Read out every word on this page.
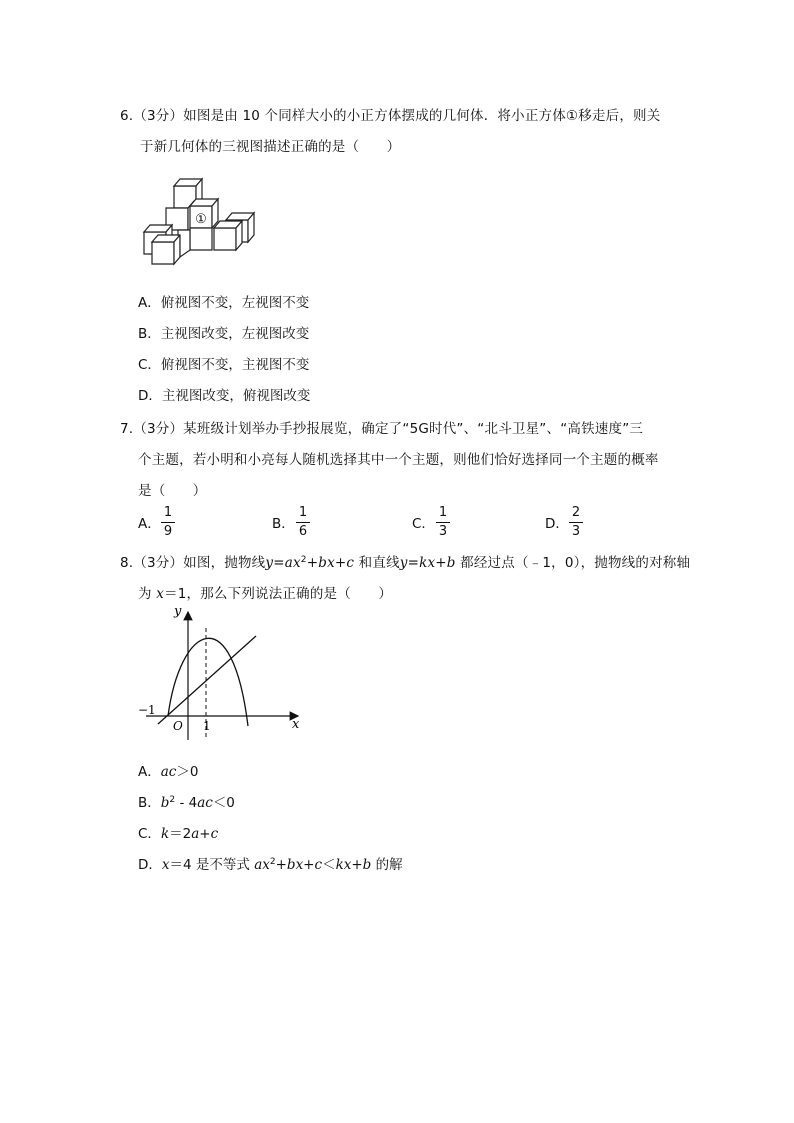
6.（3分）如图是由 10 个同样大小的小正方体摆成的几何体．将小正方体①移走后，则关
于新几何体的三视图描述正确的是（　　）
①
A．俯视图不变，左视图不变
B．主视图改变，左视图改变
C．俯视图不变，主视图不变
D．主视图改变，俯视图改变
7.（3分）某班级计划举办手抄报展览，确定了“5G时代”、“北斗卫星”、“高铁速度”三
个主题，若小明和小亮每人随机选择其中一个主题，则他们恰好选择同一个主题的概率
是（　　）
A．
1
9	B．
1
6	C．
1
3	D．
2
3
8.（3分）如图，抛物线$y=ax^2+bx+c$ 和直线y=kx+b 都经过点（﹣1，0），抛物线的对称轴
为 x＝1，那么下列说法正确的是（　　）
y
x
O
−1
1
A．ac＞0
B．$b^2 - 4ac<0$
C．k＝2a+c
D．x＝4 是不等式 $ax^2+bx+c<kx+b$ 的解
